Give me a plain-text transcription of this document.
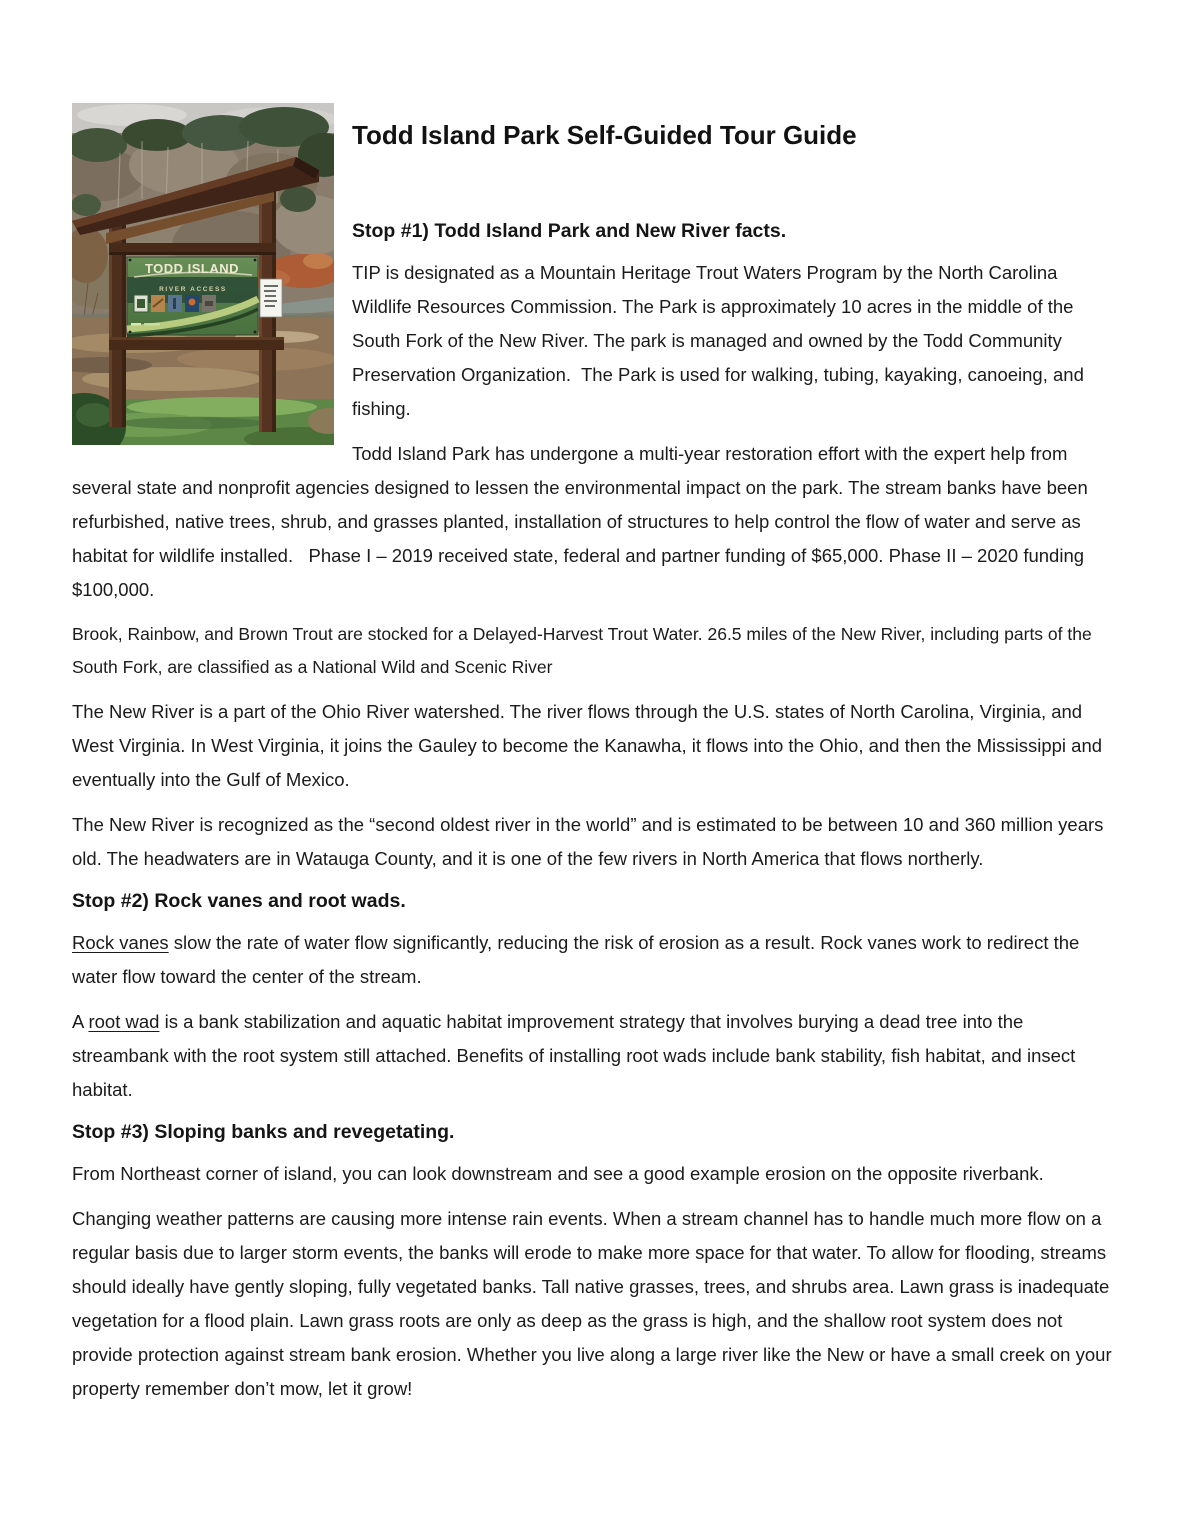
TODD ISLAND
RIVER ACCESS
Todd Island Park Self-Guided Tour Guide
Stop #1) Todd Island Park and New River facts.

TIP is designated as a Mountain Heritage Trout Waters Program by the North Carolina Wildlife Resources Commission. The Park is approximately 10 acres in the middle of the South Fork of the New River. The park is managed and owned by the Todd Community Preservation Organization.  The Park is used for walking, tubing, kayaking, canoeing, and fishing.

Todd Island Park has undergone a multi-year restoration effort with the expert help from several state and nonprofit agencies designed to lessen the environmental impact on the park. The stream banks have been refurbished, native trees, shrub, and grasses planted, installation of structures to help control the flow of water and serve as habitat for wildlife installed.   Phase I – 2019 received state, federal and partner funding of $65,000. Phase II – 2020 funding $100,000.

Brook, Rainbow, and Brown Trout are stocked for a Delayed-Harvest Trout Water. 26.5 miles of the New River, including parts of the South Fork, are classified as a National Wild and Scenic River

The New River is a part of the Ohio River watershed. The river flows through the U.S. states of North Carolina, Virginia, and West Virginia. In West Virginia, it joins the Gauley to become the Kanawha, it flows into the Ohio, and then the Mississippi and eventually into the Gulf of Mexico.

The New River is recognized as the “second oldest river in the world” and is estimated to be between 10 and 360 million years old. The headwaters are in Watauga County, and it is one of the few rivers in North America that flows northerly.

Stop #2) Rock vanes and root wads.

Rock vanes slow the rate of water flow significantly, reducing the risk of erosion as a result. Rock vanes work to redirect the water flow toward the center of the stream.

A root wad is a bank stabilization and aquatic habitat improvement strategy that involves burying a dead tree into the streambank with the root system still attached. Benefits of installing root wads include bank stability, fish habitat, and insect habitat.

Stop #3) Sloping banks and revegetating.

From Northeast corner of island, you can look downstream and see a good example erosion on the opposite riverbank.

Changing weather patterns are causing more intense rain events. When a stream channel has to handle much more flow on a regular basis due to larger storm events, the banks will erode to make more space for that water. To allow for flooding, streams should ideally have gently sloping, fully vegetated banks. Tall native grasses, trees, and shrubs area. Lawn grass is inadequate vegetation for a flood plain. Lawn grass roots are only as deep as the grass is high, and the shallow root system does not provide protection against stream bank erosion. Whether you live along a large river like the New or have a small creek on your property remember don’t mow, let it grow!
